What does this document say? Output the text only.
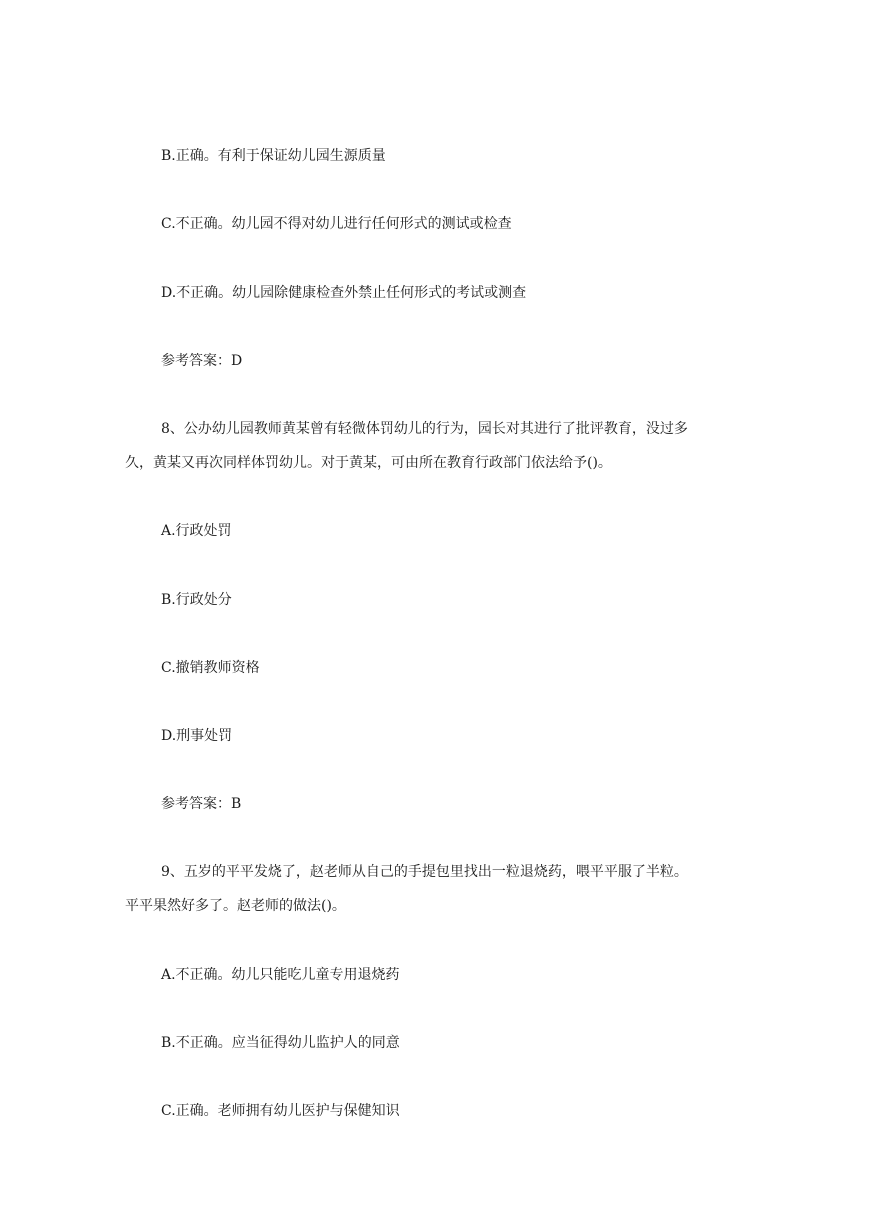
B.正确。有利于保证幼儿园生源质量
C.不正确。幼儿园不得对幼儿进行任何形式的测试或检查
D.不正确。幼儿园除健康检查外禁止任何形式的考试或测查
参考答案：D
8、公办幼儿园教师黄某曾有轻微体罚幼儿的行为，园长对其进行了批评教育，没过多
久，黄某又再次同样体罚幼儿。对于黄某，可由所在教育行政部门依法给予()。
A.行政处罚
B.行政处分
C.撤销教师资格
D.刑事处罚
参考答案：B
9、五岁的平平发烧了，赵老师从自己的手提包里找出一粒退烧药，喂平平服了半粒。
平平果然好多了。赵老师的做法()。
A.不正确。幼儿只能吃儿童专用退烧药
B.不正确。应当征得幼儿监护人的同意
C.正确。老师拥有幼儿医护与保健知识
